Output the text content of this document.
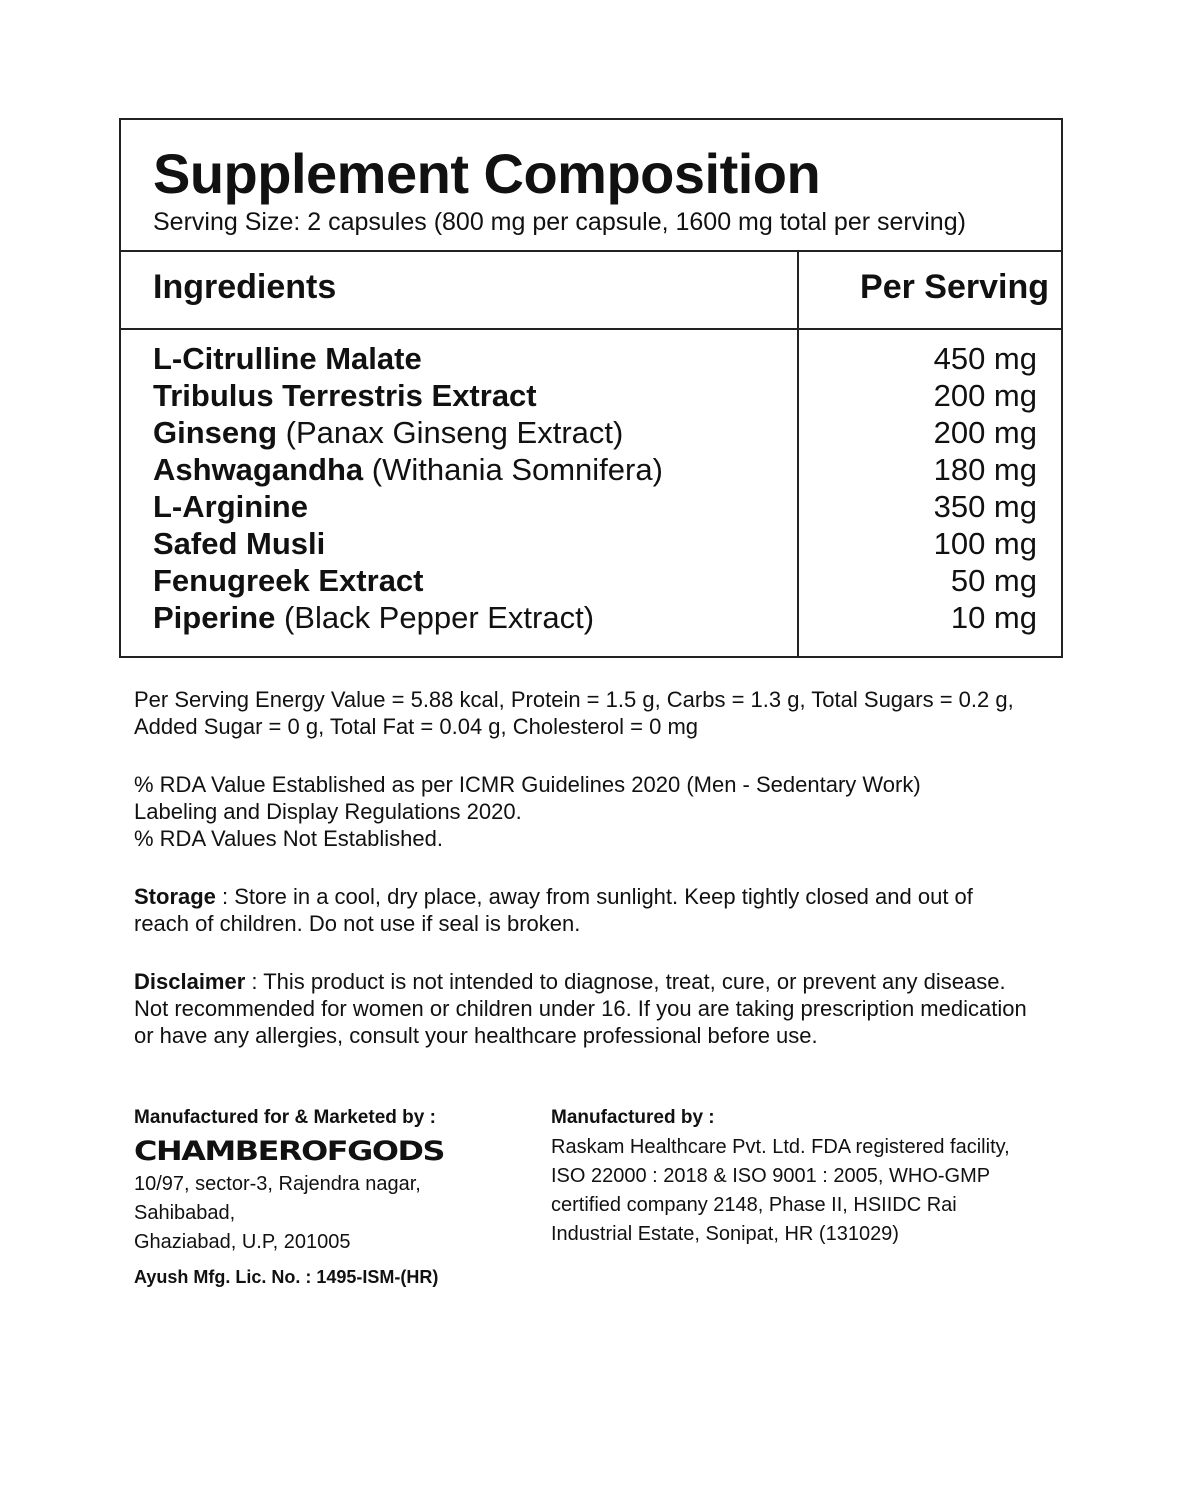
Supplement Composition
Serving Size: 2 capsules (800 mg per capsule, 1600 mg total per serving)
Ingredients	Per Serving
L-Citrulline Malate
Tribulus Terrestris Extract
Ginseng (Panax Ginseng Extract)
Ashwagandha (Withania Somnifera)
L-Arginine
Safed Musli
Fenugreek Extract
Piperine (Black Pepper Extract)
450 mg
200 mg
200 mg
180 mg
350 mg
100 mg
50 mg
10 mg

Per Serving Energy Value = 5.88 kcal, Protein = 1.5 g, Carbs = 1.3 g, Total Sugars = 0.2 g, Added Sugar = 0 g, Total Fat = 0.04 g, Cholesterol = 0 mg

% RDA Value Established as per ICMR Guidelines 2020 (Men - Sedentary Work)
Labeling and Display Regulations 2020.
% RDA Values Not Established.

Storage : Store in a cool, dry place, away from sunlight. Keep tightly closed and out of reach of children. Do not use if seal is broken.

Disclaimer : This product is not intended to diagnose, treat, cure, or prevent any disease. Not recommended for women or children under 16. If you are taking prescription medication or have any allergies, consult your healthcare professional before use.

Manufactured for & Marketed by :
CHAMBEROFGODS
10/97, sector-3, Rajendra nagar,
Sahibabad,
Ghaziabad, U.P, 201005
Ayush Mfg. Lic. No. : 1495-ISM-(HR)
Manufactured by :
Raskam Healthcare Pvt. Ltd. FDA registered facility, ISO 22000 : 2018 & ISO 9001 : 2005, WHO-GMP certified company 2148, Phase II, HSIIDC Rai Industrial Estate, Sonipat, HR (131029)
